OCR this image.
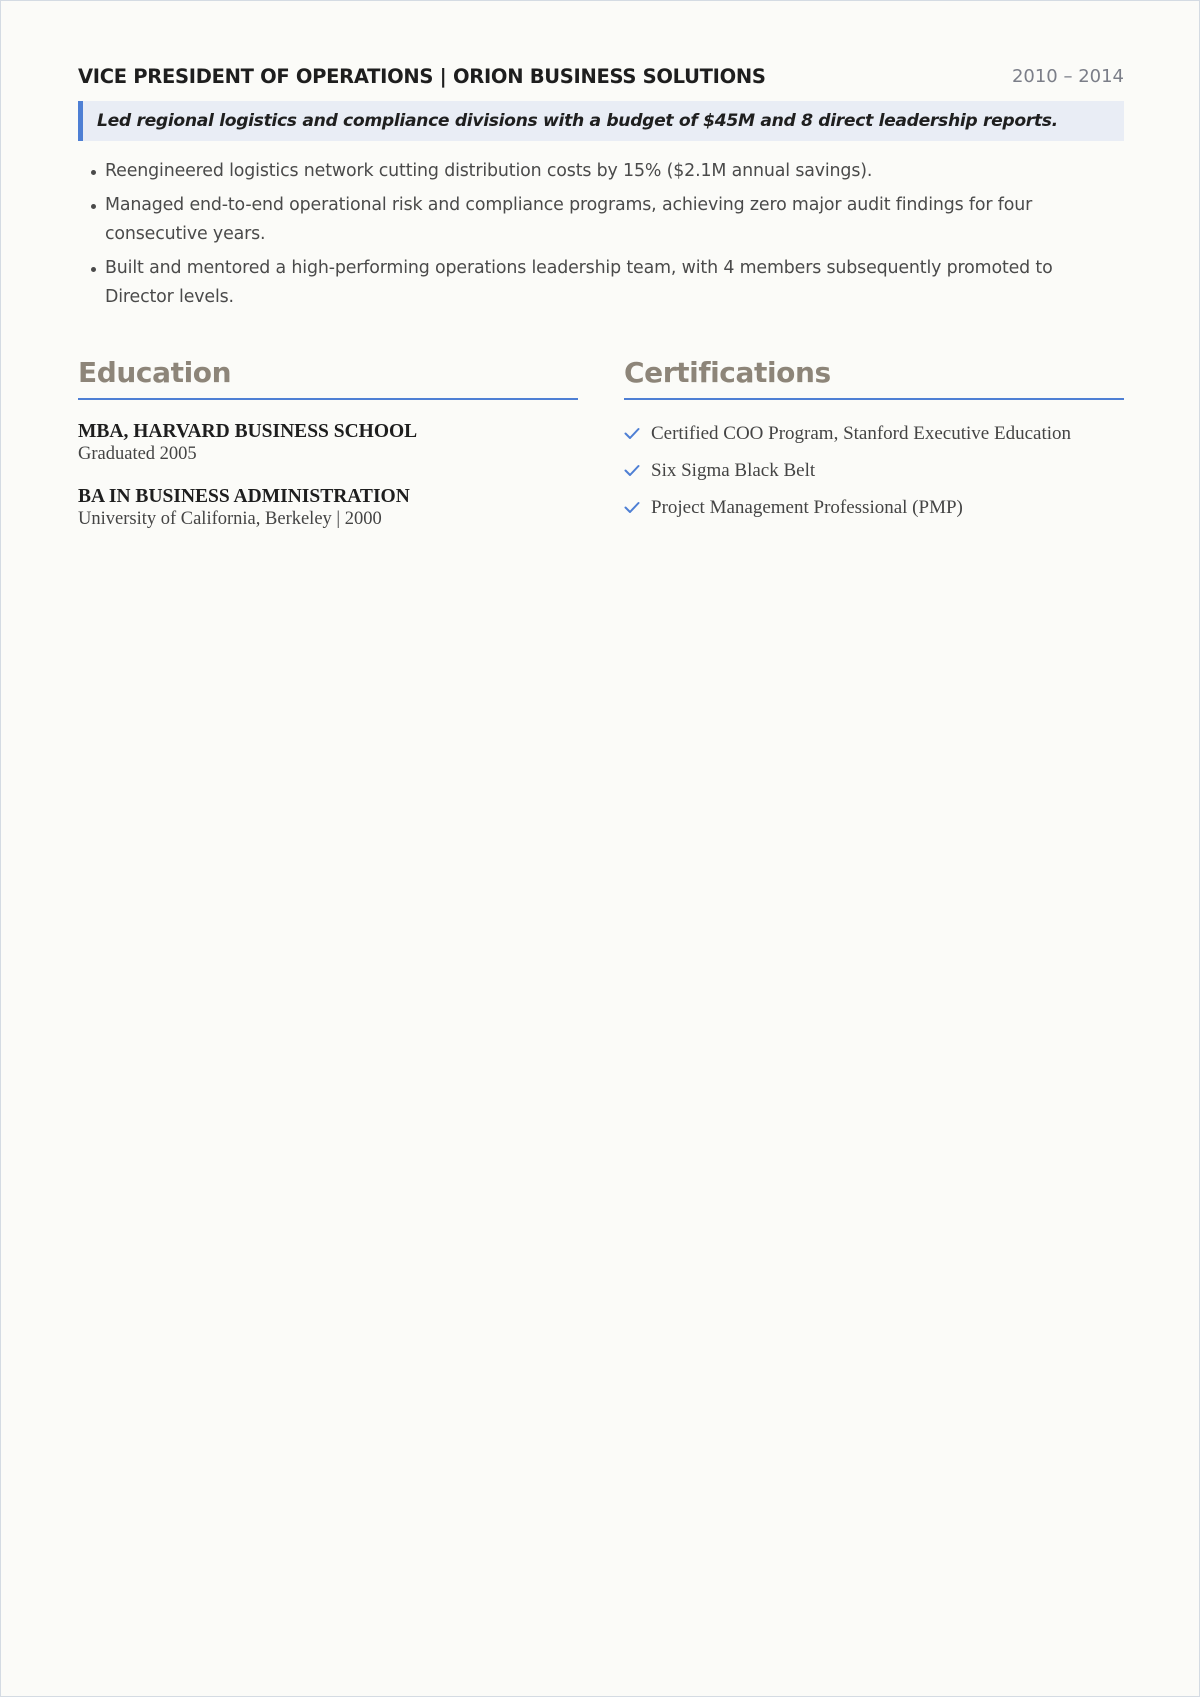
VICE PRESIDENT OF OPERATIONS | ORION BUSINESS SOLUTIONS	2010 – 2014
Led regional logistics and compliance divisions with a budget of $45M and 8 direct leadership reports.
Reengineered logistics network cutting distribution costs by 15% ($2.1M annual savings).
Managed end-to-end operational risk and compliance programs, achieving zero major audit findings for four consecutive years.
Built and mentored a high-performing operations leadership team, with 4 members subsequently promoted to Director levels.
Education
MBA, HARVARD BUSINESS SCHOOL
Graduated 2005
BA IN BUSINESS ADMINISTRATION
University of California, Berkeley | 2000
Certifications
Certified COO Program, Stanford Executive Education
Six Sigma Black Belt
Project Management Professional (PMP)
